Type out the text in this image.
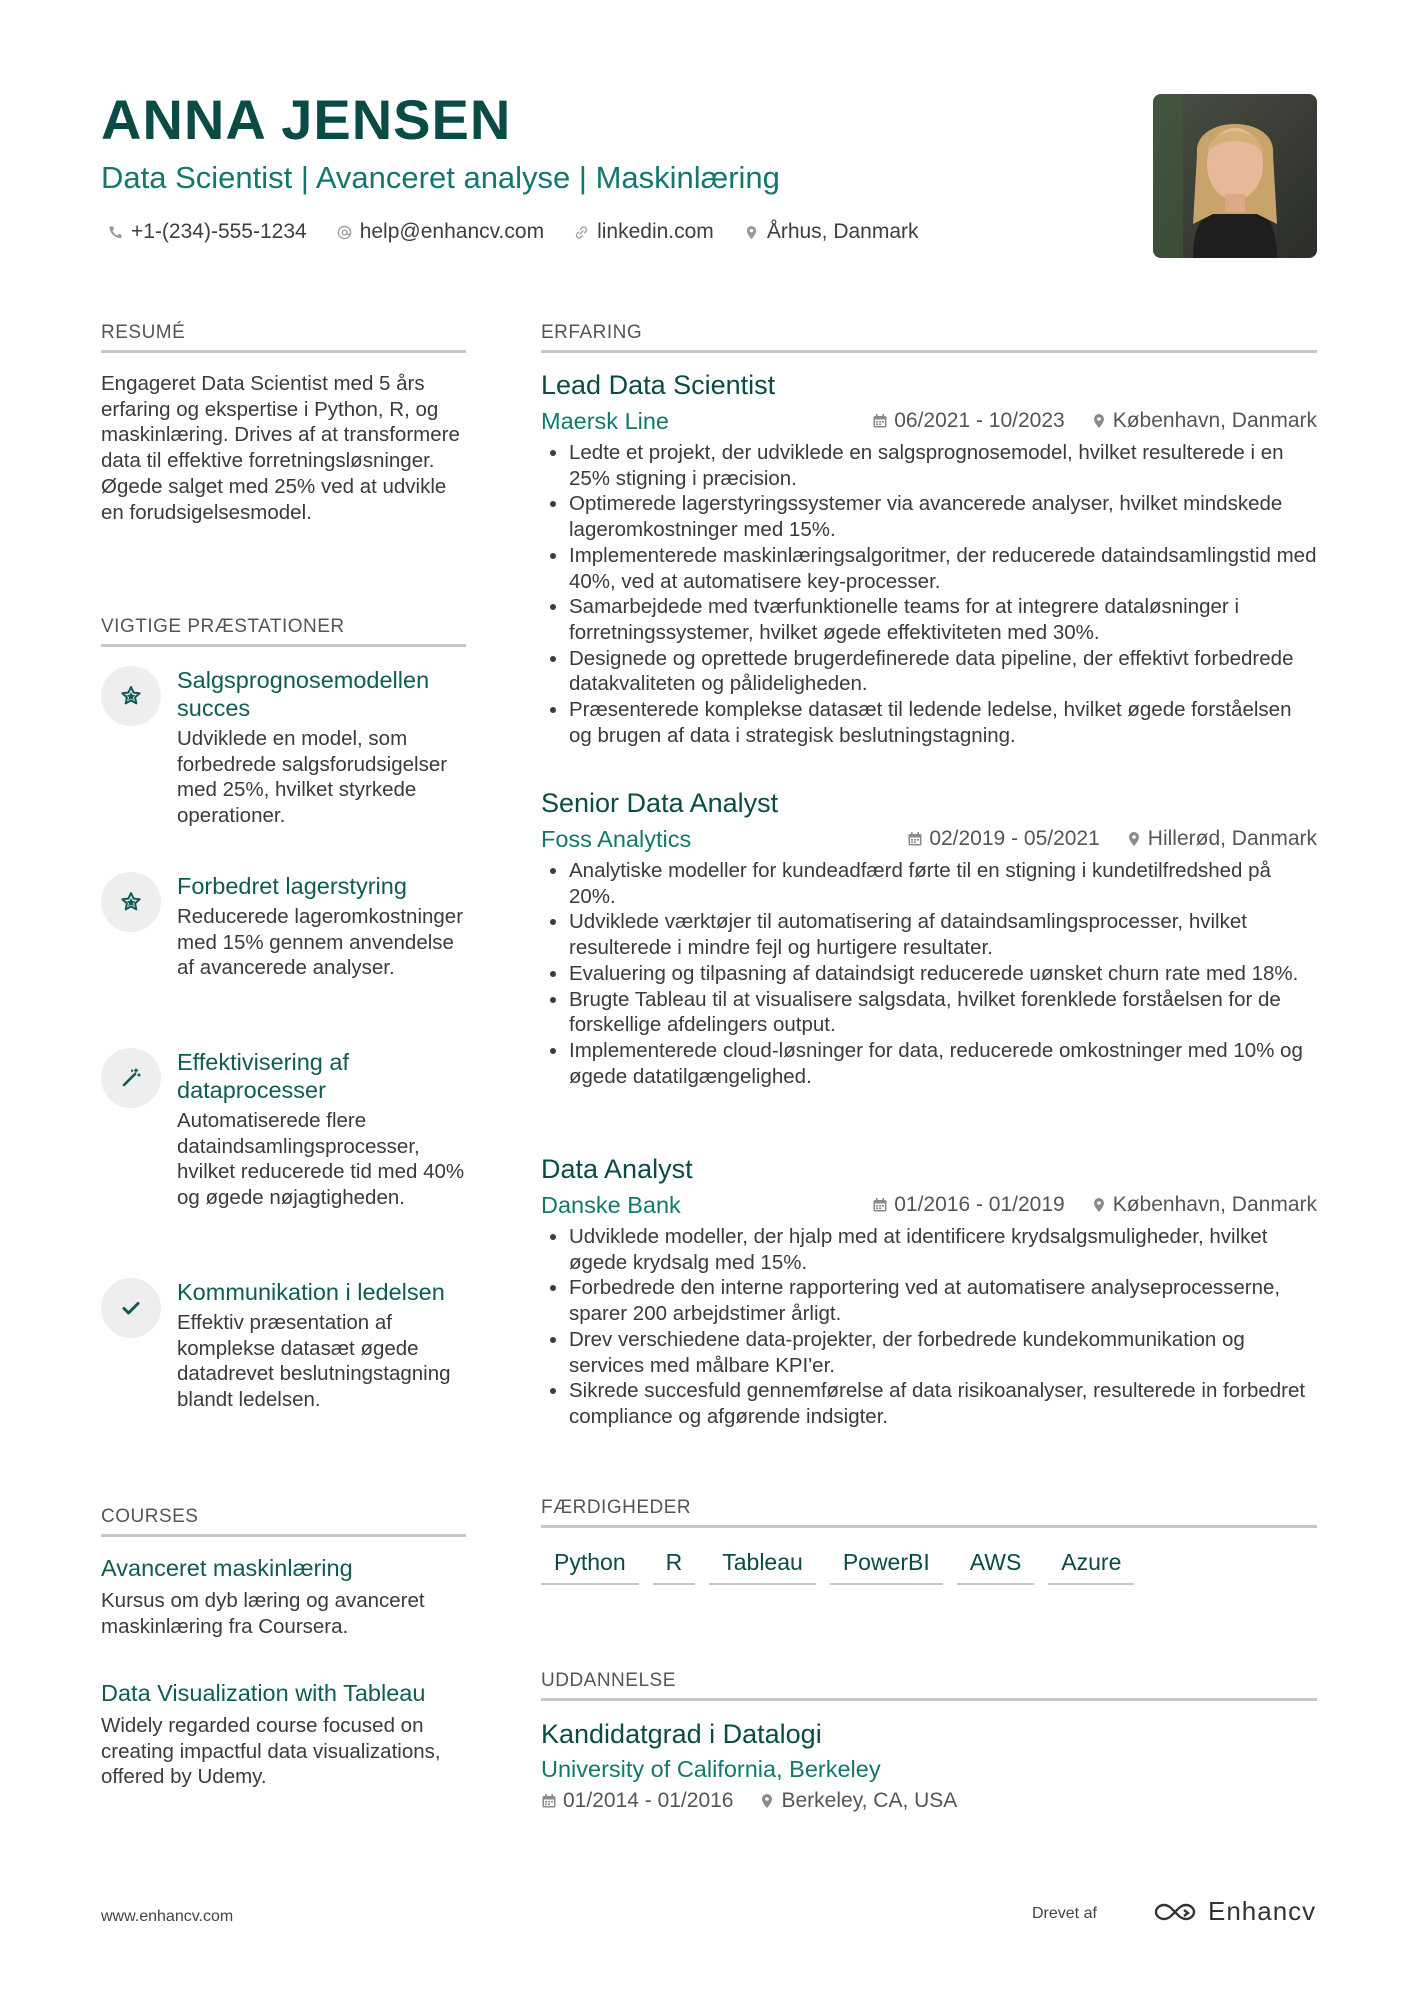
ANNA JENSEN
Data Scientist | Avanceret analyse | Maskinlæring
+1-(234)-555-1234	help@enhancv.com	linkedin.com	Århus, Danmark
RESUMÉ
Engageret Data Scientist med 5 års erfaring og ekspertise i Python, R, og maskinlæring. Drives af at transformere data til effektive forretningsløsninger. Øgede salget med 25% ved at udvikle en forudsigelsesmodel.
VIGTIGE PRÆSTATIONER
Salgsprognosemodellen succes
Udviklede en model, som forbedrede salgsforudsigelser med 25%, hvilket styrkede operationer.
Forbedret lagerstyring
Reducerede lageromkostninger med 15% gennem anvendelse af avancerede analyser.
Effektivisering af dataprocesser
Automatiserede flere dataindsamlingsprocesser, hvilket reducerede tid med 40% og øgede nøjagtigheden.
Kommunikation i ledelsen
Effektiv præsentation af komplekse datasæt øgede datadrevet beslutningstagning blandt ledelsen.
COURSES
Avanceret maskinlæring
Kursus om dyb læring og avanceret maskinlæring fra Coursera.
Data Visualization with Tableau
Widely regarded course focused on creating impactful data visualizations, offered by Udemy.
ERFARING
Lead Data Scientist
Maersk Line	06/2021 - 10/2023 København, Danmark
• Ledte et projekt, der udviklede en salgsprognosemodel, hvilket resulterede i en 25% stigning i præcision.
• Optimerede lagerstyringssystemer via avancerede analyser, hvilket mindskede lageromkostninger med 15%.
• Implementerede maskinlæringsalgoritmer, der reducerede dataindsamlingstid med 40%, ved at automatisere key-processer.
• Samarbejdede med tværfunktionelle teams for at integrere dataløsninger i forretningssystemer, hvilket øgede effektiviteten med 30%.
• Designede og oprettede brugerdefinerede data pipeline, der effektivt forbedrede datakvaliteten og pålideligheden.
• Præsenterede komplekse datasæt til ledende ledelse, hvilket øgede forståelsen og brugen af data i strategisk beslutningstagning.
Senior Data Analyst
Foss Analytics	02/2019 - 05/2021 Hillerød, Danmark
• Analytiske modeller for kundeadfærd førte til en stigning i kundetilfredshed på 20%.
• Udviklede værktøjer til automatisering af dataindsamlingsprocesser, hvilket resulterede i mindre fejl og hurtigere resultater.
• Evaluering og tilpasning af dataindsigt reducerede uønsket churn rate med 18%.
• Brugte Tableau til at visualisere salgsdata, hvilket forenklede forståelsen for de forskellige afdelingers output.
• Implementerede cloud-løsninger for data, reducerede omkostninger med 10% og øgede datatilgængelighed.
Data Analyst
Danske Bank	01/2016 - 01/2019 København, Danmark
• Udviklede modeller, der hjalp med at identificere krydsalgsmuligheder, hvilket øgede krydsalg med 15%.
• Forbedrede den interne rapportering ved at automatisere analyseprocesserne, sparer 200 arbejdstimer årligt.
• Drev verschiedene data-projekter, der forbedrede kundekommunikation og services med målbare KPI'er.
• Sikrede succesfuld gennemførelse af data risikoanalyser, resulterede in forbedret compliance og afgørende indsigter.
FÆRDIGHEDER
Python	R	Tableau	PowerBI	AWS	Azure
UDDANNELSE
Kandidatgrad i Datalogi
University of California, Berkeley
01/2014 - 01/2016 Berkeley, CA, USA
www.enhancv.com	Drevet af	Enhancv
